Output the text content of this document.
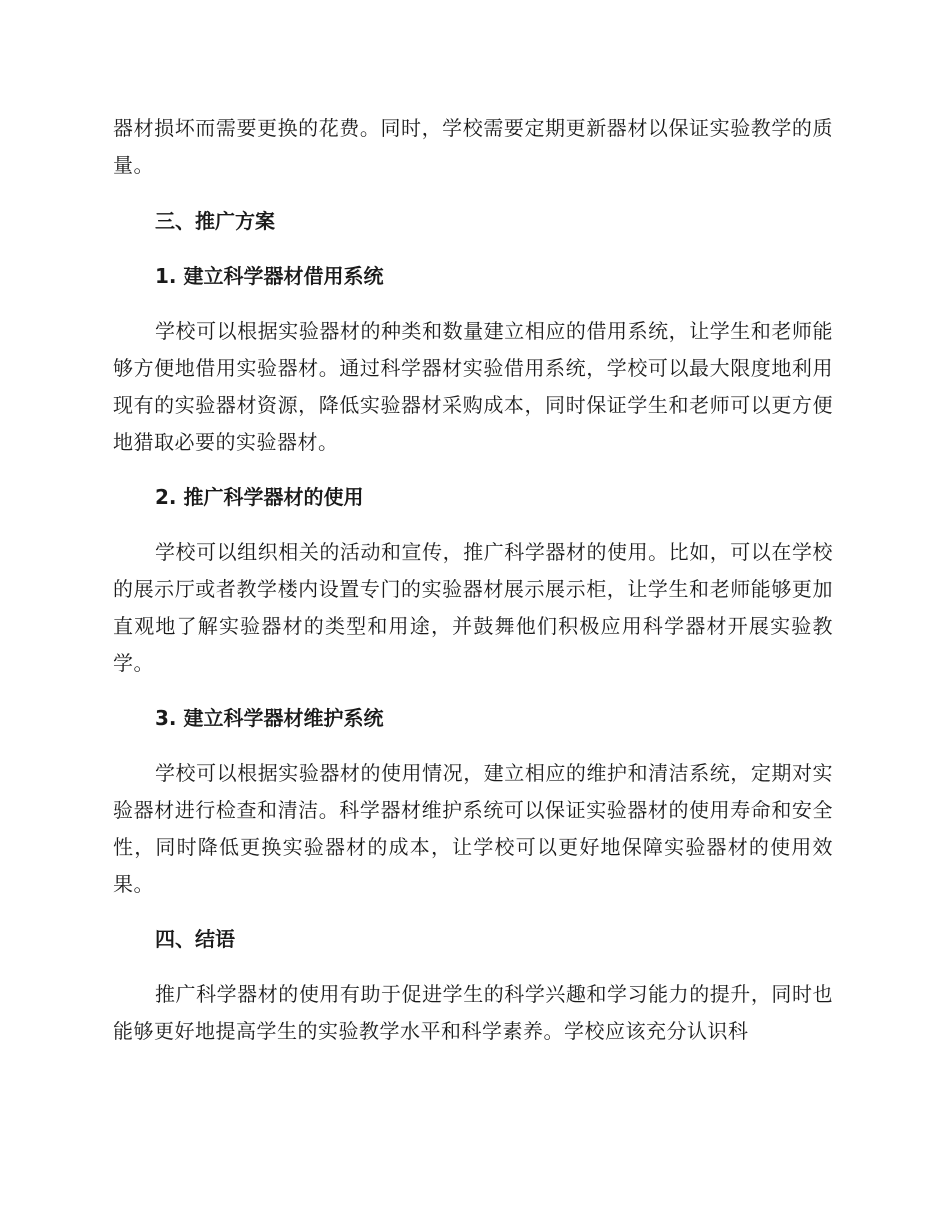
器材损坏而需要更换的花费。同时，学校需要定期更新器材以保证实验教学的质量。

三、推广方案

1. 建立科学器材借用系统

学校可以根据实验器材的种类和数量建立相应的借用系统，让学生和老师能够方便地借用实验器材。通过科学器材实验借用系统，学校可以最大限度地利用现有的实验器材资源，降低实验器材采购成本，同时保证学生和老师可以更方便地猎取必要的实验器材。

2. 推广科学器材的使用

学校可以组织相关的活动和宣传，推广科学器材的使用。比如，可以在学校的展示厅或者教学楼内设置专门的实验器材展示展示柜，让学生和老师能够更加直观地了解实验器材的类型和用途，并鼓舞他们积极应用科学器材开展实验教学。

3. 建立科学器材维护系统

学校可以根据实验器材的使用情况，建立相应的维护和清洁系统，定期对实验器材进行检查和清洁。科学器材维护系统可以保证实验器材的使用寿命和安全性，同时降低更换实验器材的成本，让学校可以更好地保障实验器材的使用效果。

四、结语

推广科学器材的使用有助于促进学生的科学兴趣和学习能力的提升，同时也能够更好地提高学生的实验教学水平和科学素养。学校应该充分认识科
